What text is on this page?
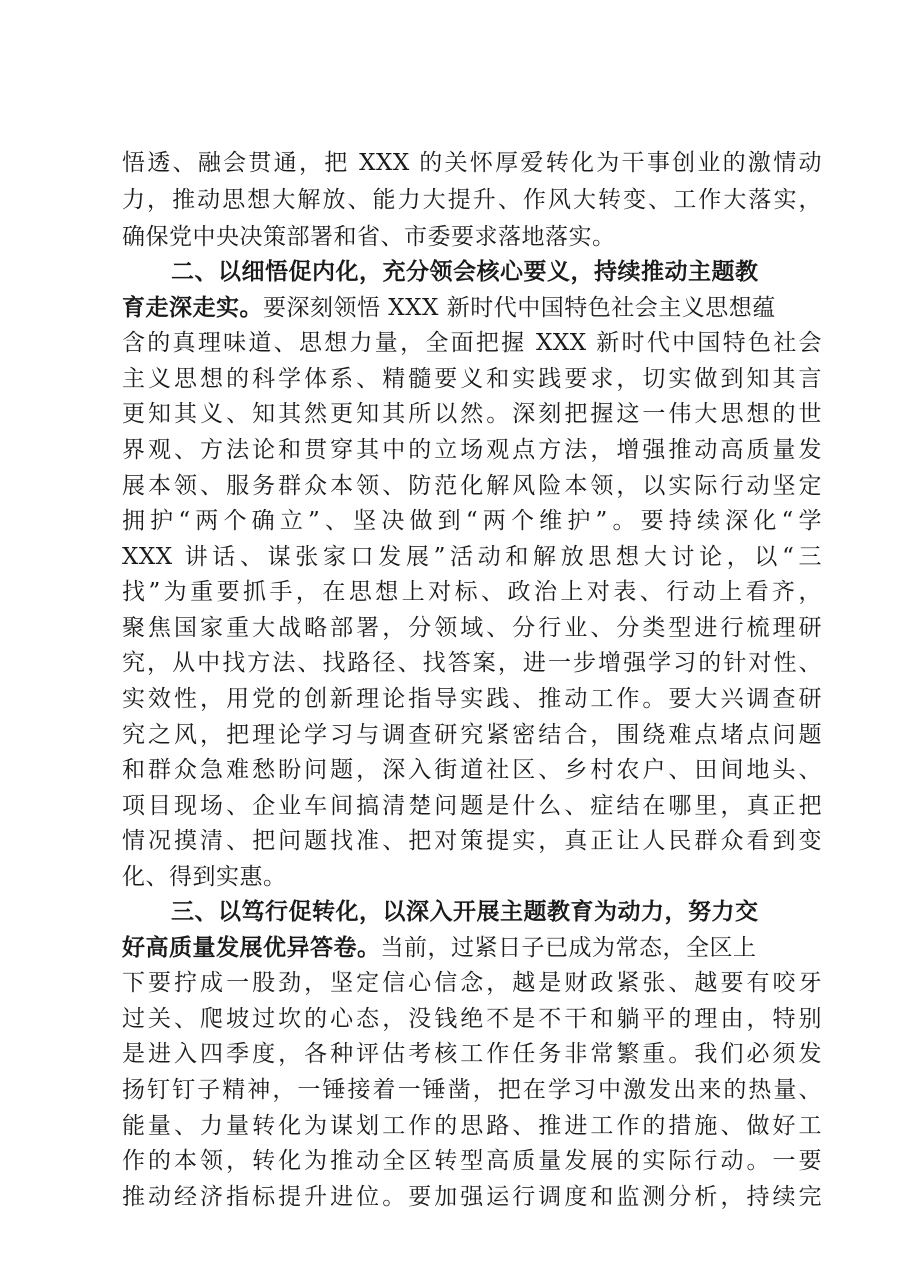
悟透、融会贯通，把 XXX 的关怀厚爱转化为干事创业的激情动
力，推动思想大解放、能力大提升、作风大转变、工作大落实，
确保党中央决策部署和省、市委要求落地落实。
二、以细悟促内化，充分领会核心要义，持续推动主题教
育走深走实。要深刻领悟 XXX 新时代中国特色社会主义思想蕴
含的真理味道、思想力量，全面把握 XXX 新时代中国特色社会
主义思想的科学体系、精髓要义和实践要求，切实做到知其言
更知其义、知其然更知其所以然。深刻把握这一伟大思想的世
界观、方法论和贯穿其中的立场观点方法，增强推动高质量发
展本领、服务群众本领、防范化解风险本领，以实际行动坚定
拥护“两个确立”、坚决做到“两个维护”。要持续深化“学
XXX 讲话、谋张家口发展”活动和解放思想大讨论，以“三
找”为重要抓手，在思想上对标、政治上对表、行动上看齐，
聚焦国家重大战略部署，分领域、分行业、分类型进行梳理研
究，从中找方法、找路径、找答案，进一步增强学习的针对性、
实效性，用党的创新理论指导实践、推动工作。要大兴调查研
究之风，把理论学习与调查研究紧密结合，围绕难点堵点问题
和群众急难愁盼问题，深入街道社区、乡村农户、田间地头、
项目现场、企业车间搞清楚问题是什么、症结在哪里，真正把
情况摸清、把问题找准、把对策提实，真正让人民群众看到变
化、得到实惠。
三、以笃行促转化，以深入开展主题教育为动力，努力交
好高质量发展优异答卷。当前，过紧日子已成为常态，全区上
下要拧成一股劲，坚定信心信念，越是财政紧张、越要有咬牙
过关、爬坡过坎的心态，没钱绝不是不干和躺平的理由，特别
是进入四季度，各种评估考核工作任务非常繁重。我们必须发
扬钉钉子精神，一锤接着一锤凿，把在学习中激发出来的热量、
能量、力量转化为谋划工作的思路、推进工作的措施、做好工
作的本领，转化为推动全区转型高质量发展的实际行动。一要
推动经济指标提升进位。要加强运行调度和监测分析，持续完
